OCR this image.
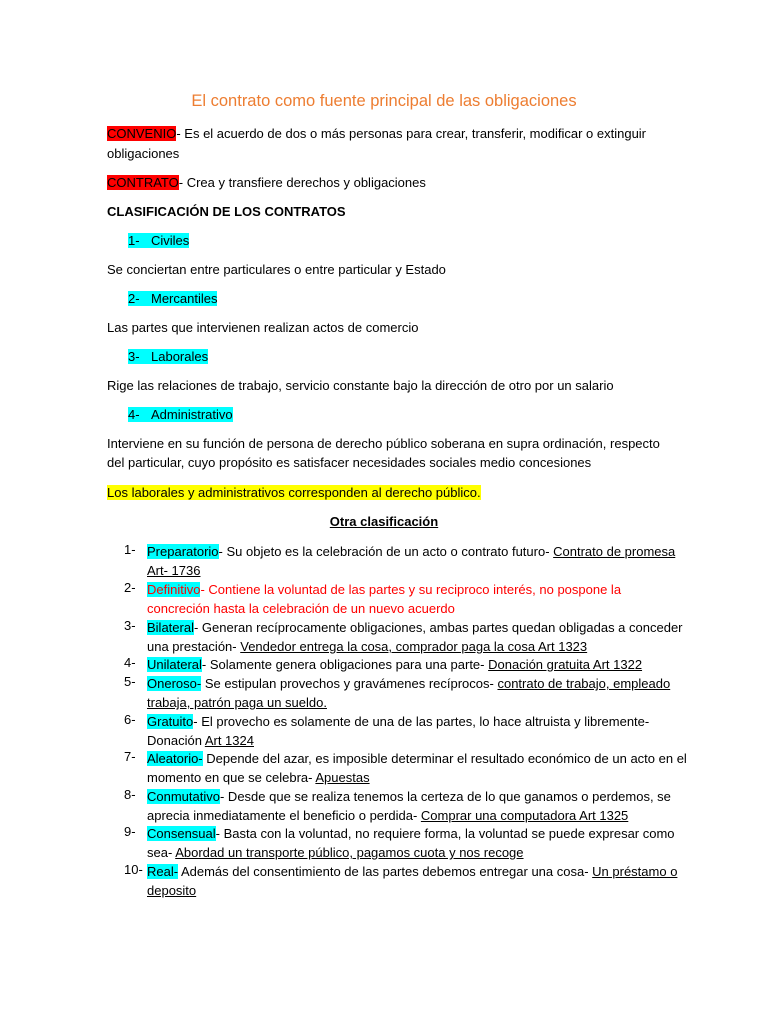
El contrato como fuente principal de las obligaciones
CONVENIO- Es el acuerdo de dos o más personas para crear, transferir, modificar o extinguir
obligaciones
CONTRATO- Crea y transfiere derechos y obligaciones
CLASIFICACIÓN DE LOS CONTRATOS
1- Civiles
Se conciertan entre particulares o entre particular y Estado
2- Mercantiles
Las partes que intervienen realizan actos de comercio
3- Laborales
Rige las relaciones de trabajo, servicio constante bajo la dirección de otro por un salario
4- Administrativo
Interviene en su función de persona de derecho público soberana en supra ordinación, respecto
del particular, cuyo propósito es satisfacer necesidades sociales medio concesiones
Los laborales y administrativos corresponden al derecho público.
Otra clasificación
1- Preparatorio- Su objeto es la celebración de un acto o contrato futuro- Contrato de promesa Art- 1736
2- Definitivo- Contiene la voluntad de las partes y su reciproco interés, no pospone la concreción hasta la celebración de un nuevo acuerdo
3- Bilateral- Generan recíprocamente obligaciones, ambas partes quedan obligadas a conceder una prestación- Vendedor entrega la cosa, comprador paga la cosa Art 1323
4- Unilateral- Solamente genera obligaciones para una parte- Donación gratuita Art 1322
5- Oneroso- Se estipulan provechos y gravámenes recíprocos- contrato de trabajo, empleado trabaja, patrón paga un sueldo.
6- Gratuito- El provecho es solamente de una de las partes, lo hace altruista y libremente- Donación Art 1324
7- Aleatorio- Depende del azar, es imposible determinar el resultado económico de un acto en el momento en que se celebra- Apuestas
8- Conmutativo- Desde que se realiza tenemos la certeza de lo que ganamos o perdemos, se aprecia inmediatamente el beneficio o perdida- Comprar una computadora Art 1325
9- Consensual- Basta con la voluntad, no requiere forma, la voluntad se puede expresar como sea- Abordad un transporte público, pagamos cuota y nos recoge
10- Real- Además del consentimiento de las partes debemos entregar una cosa- Un préstamo o deposito
